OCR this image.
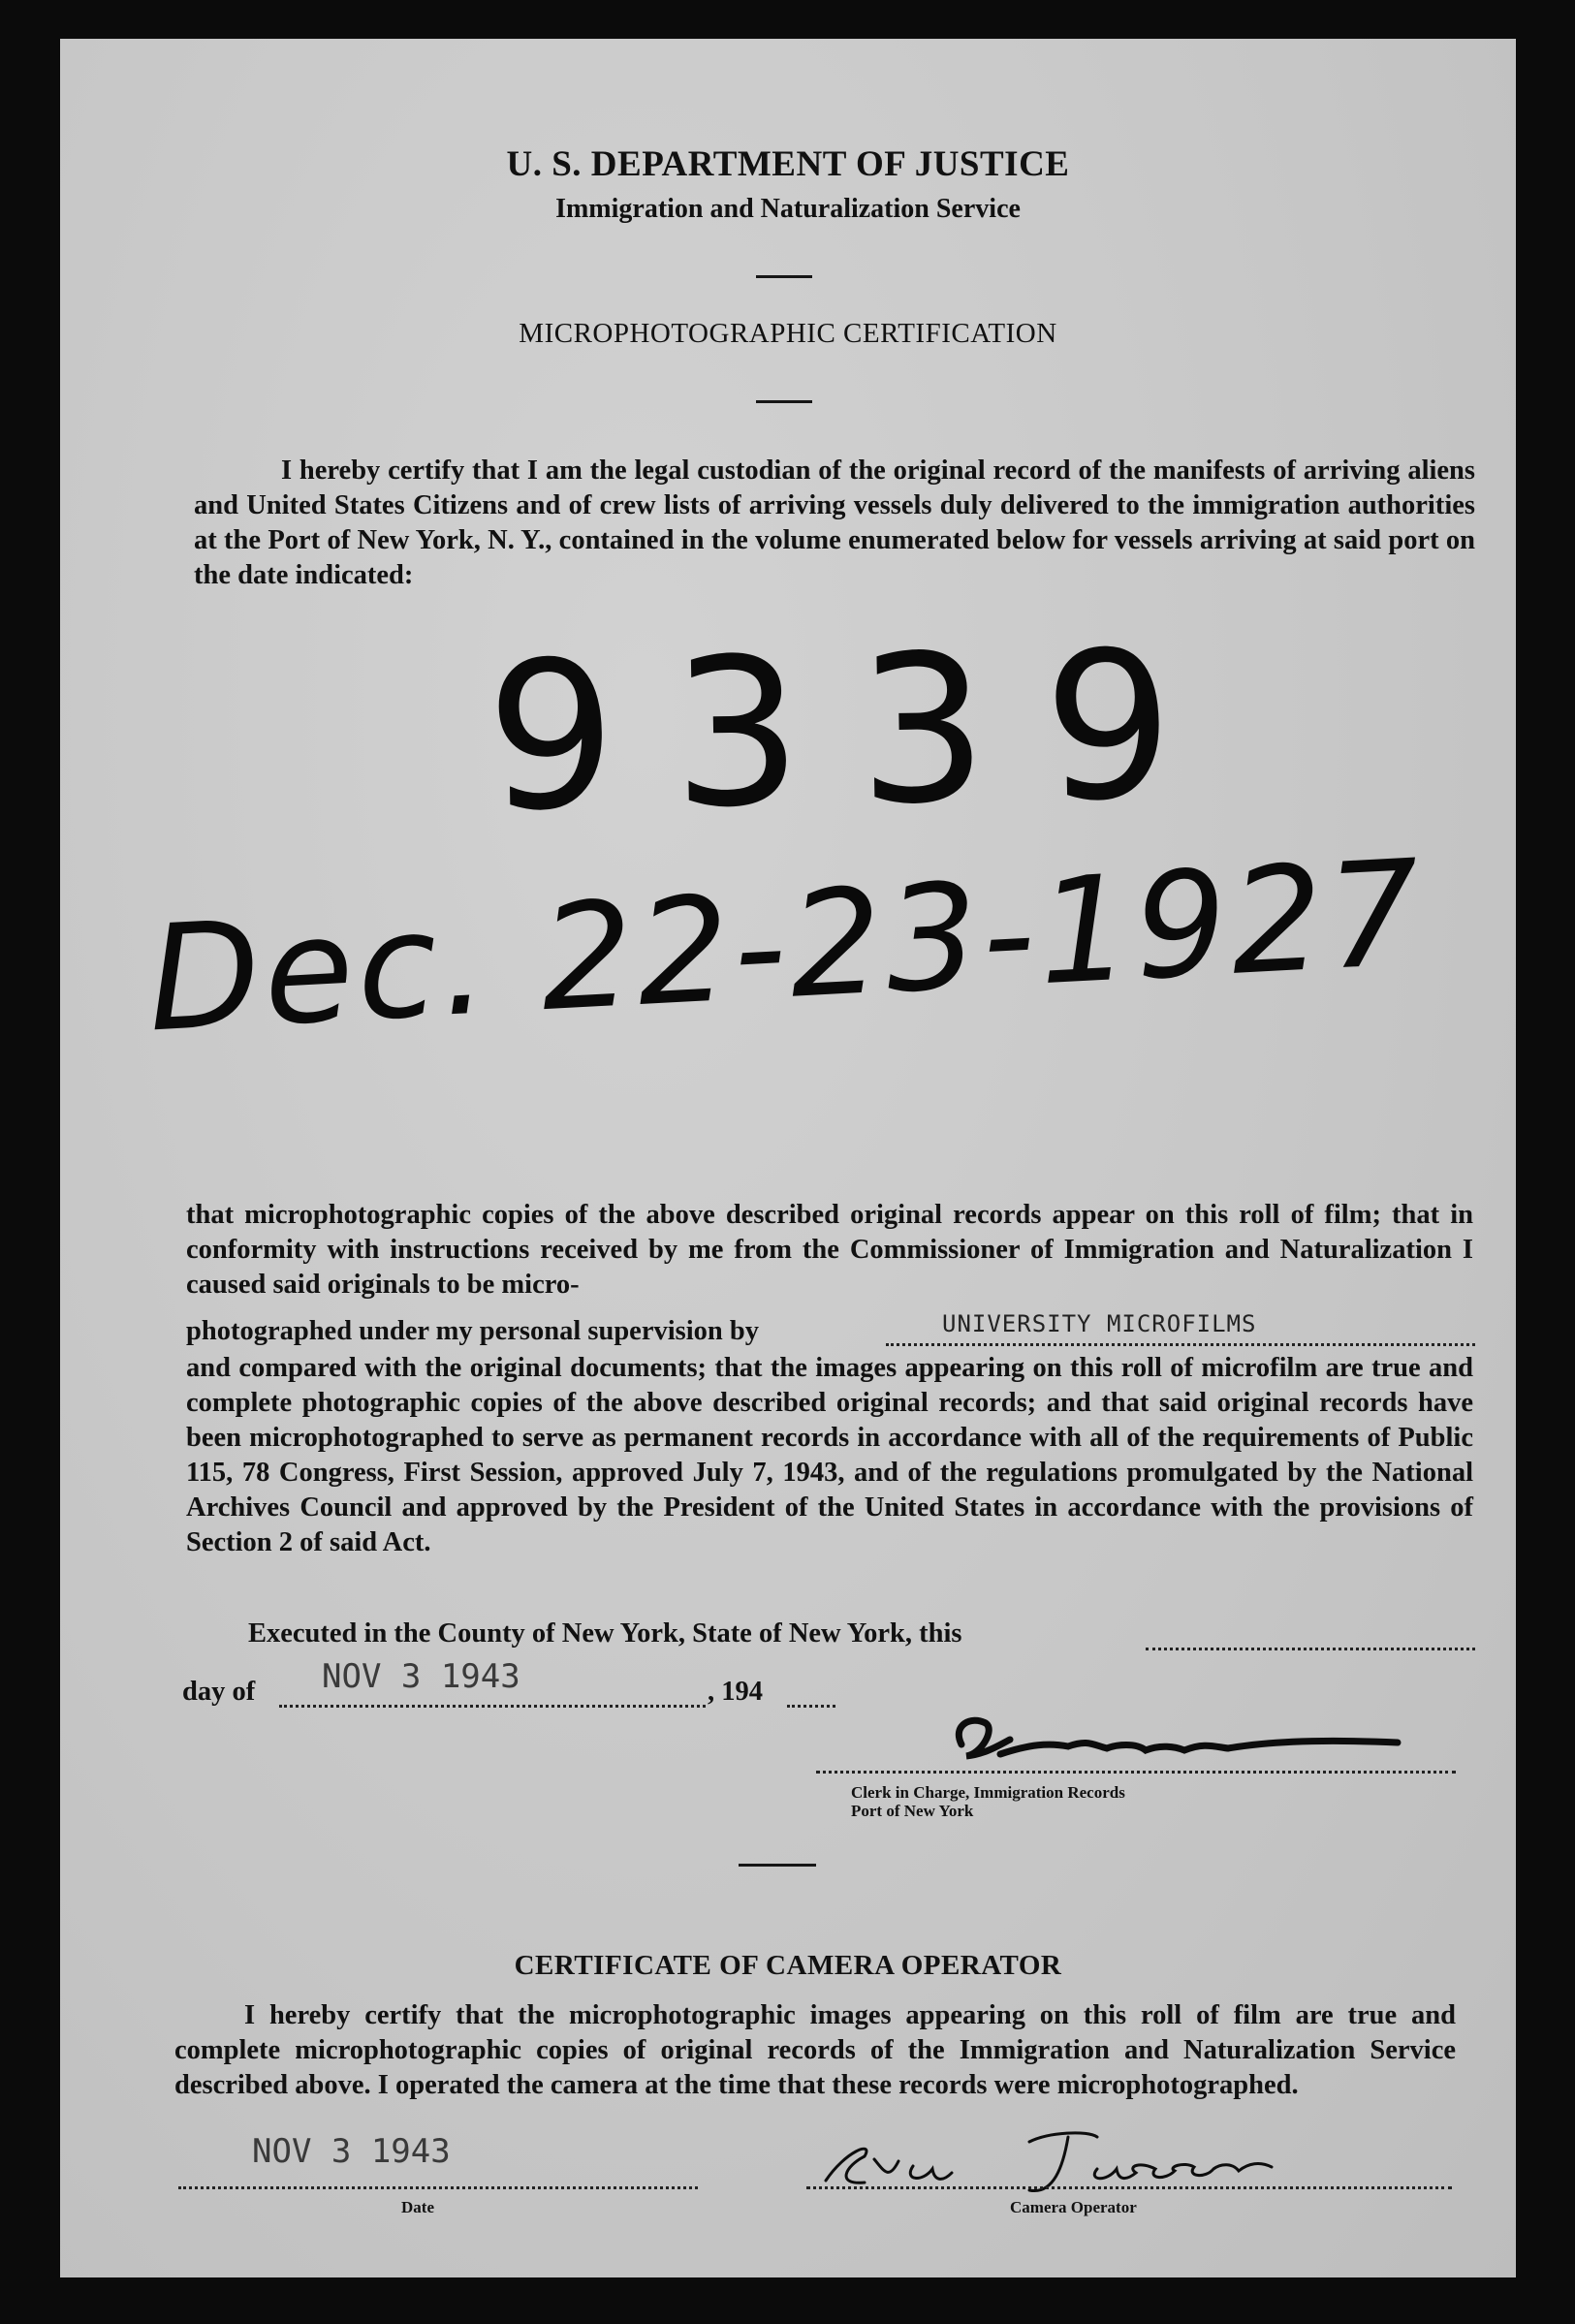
U. S. DEPARTMENT OF JUSTICE
Immigration and Naturalization Service
MICROPHOTOGRAPHIC CERTIFICATION

I hereby certify that I am the legal custodian of the original record of the manifests of arriving aliens and United States Citizens and of crew lists of arriving vessels duly delivered to the immigration authorities at the Port of New York, N. Y., contained in the volume enumerated below for vessels arriving at said port on the date indicated:

9339
Dec. 22-23-1927

that microphotographic copies of the above described original records appear on this roll of film; that in conformity with instructions received by me from the Commissioner of Immigration and Naturalization I caused said originals to be micro-

photographed under my personal supervision by	UNIVERSITY MICROFILMS

and compared with the original documents; that the images appearing on this roll of microfilm are true and complete photographic copies of the above described original records; and that said original records have been microphotographed to serve as permanent records in accordance with all of the requirements of Public 115, 78 Congress, First Session, approved July 7, 1943, and of the regulations promulgated by the National Archives Council and approved by the President of the United States in accordance with the provisions of Section 2 of said Act.

Executed in the County of New York, State of New York, this
day of NOV 3 1943	, 194
Clerk in Charge, Immigration Records
Port of New York
CERTIFICATE OF CAMERA OPERATOR

I hereby certify that the microphotographic images appearing on this roll of film are true and complete microphotographic copies of original records of the Immigration and Naturalization Service described above. I operated the camera at the time that these records were microphotographed.

NOV 3 1943
Date	Camera Operator
